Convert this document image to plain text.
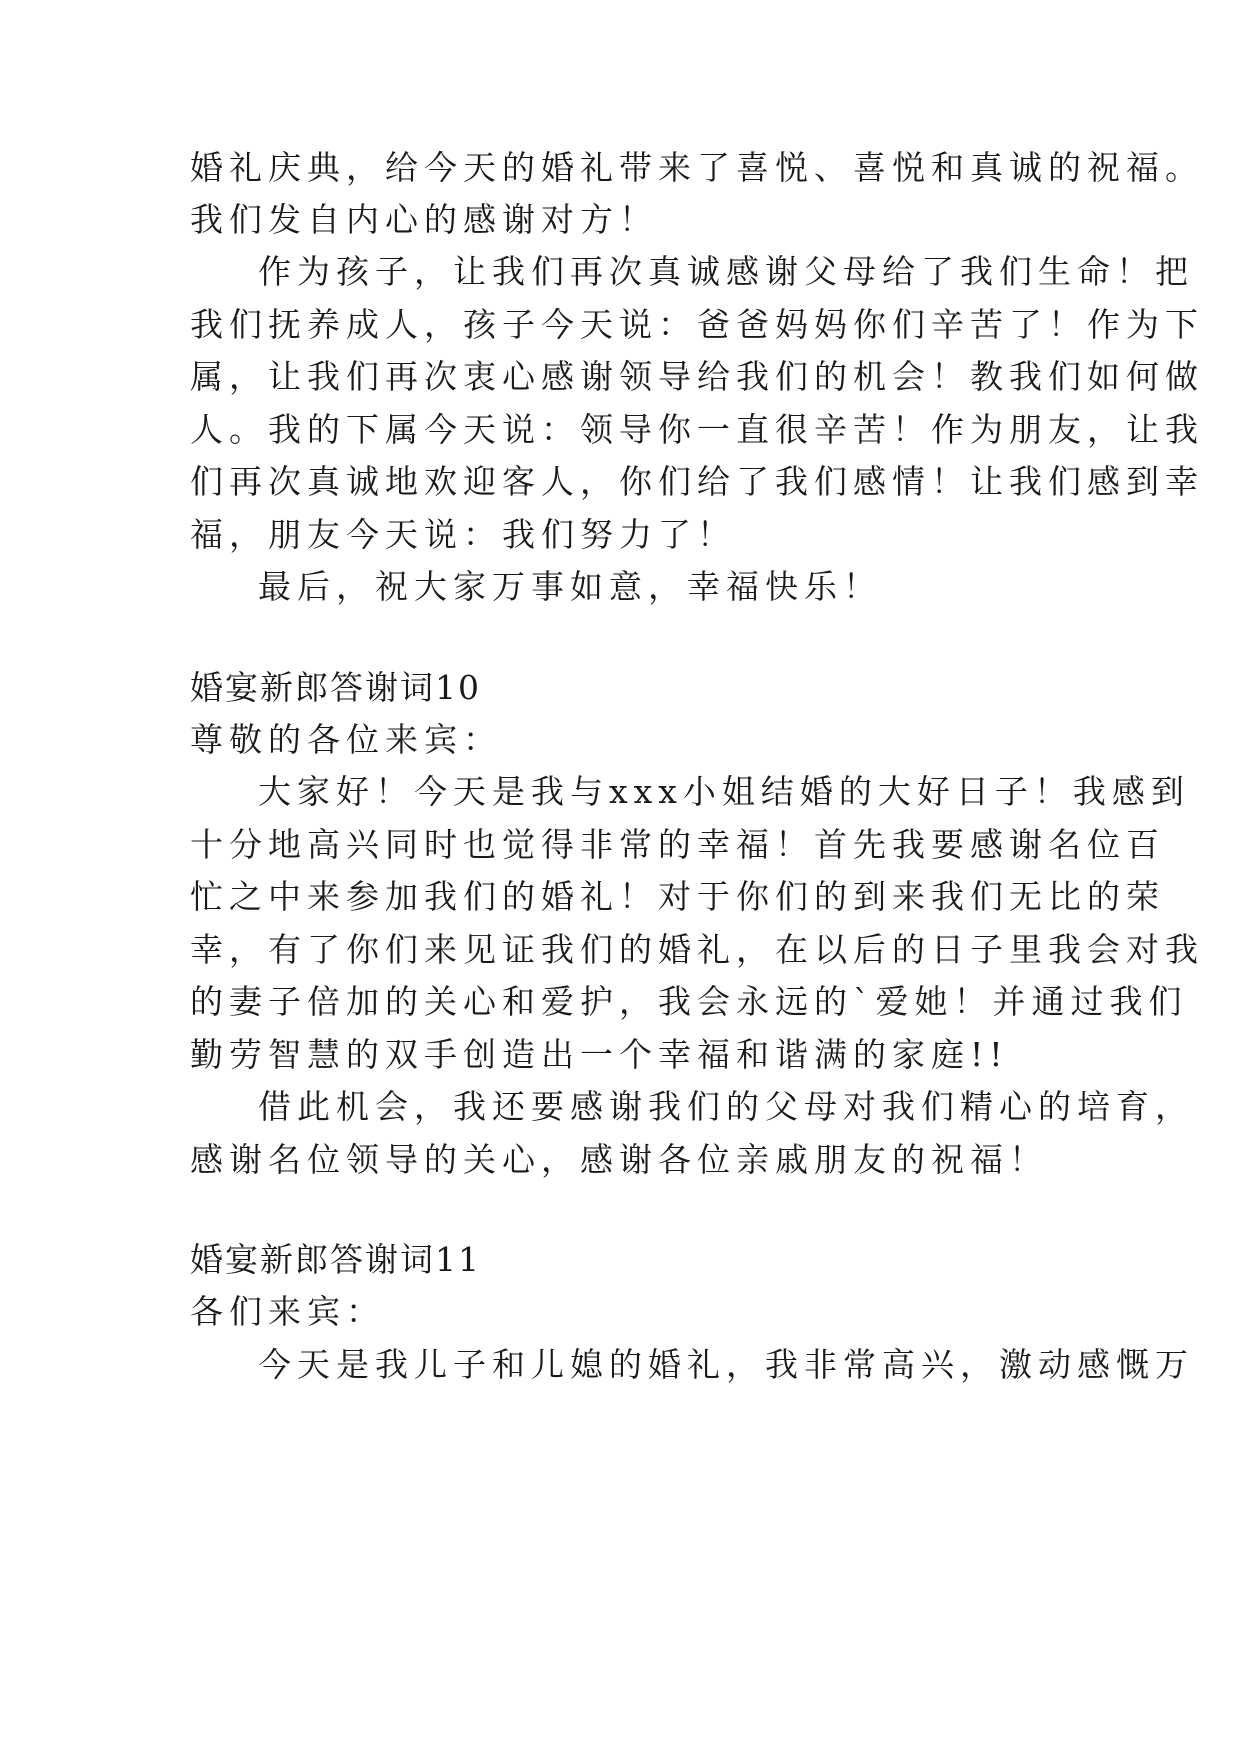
婚礼庆典，给今天的婚礼带来了喜悦、喜悦和真诚的祝福。
我们发自内心的感谢对方！
作为孩子，让我们再次真诚感谢父母给了我们生命！把
我们抚养成人，孩子今天说：爸爸妈妈你们辛苦了！作为下
属，让我们再次衷心感谢领导给我们的机会！教我们如何做
人。我的下属今天说：领导你一直很辛苦！作为朋友，让我
们再次真诚地欢迎客人，你们给了我们感情！让我们感到幸
福，朋友今天说：我们努力了！
最后，祝大家万事如意，幸福快乐！
婚宴新郎答谢词10
尊敬的各位来宾：
大家好！今天是我与xxx小姐结婚的大好日子！我感到
十分地高兴同时也觉得非常的幸福！首先我要感谢名位百
忙之中来参加我们的婚礼！对于你们的到来我们无比的荣
幸，有了你们来见证我们的婚礼，在以后的日子里我会对我
的妻子倍加的关心和爱护，我会永远的`爱她！并通过我们
勤劳智慧的双手创造出一个幸福和谐满的家庭!!
借此机会，我还要感谢我们的父母对我们精心的培育，
感谢名位领导的关心，感谢各位亲戚朋友的祝福！
婚宴新郎答谢词11
各们来宾：
今天是我儿子和儿媳的婚礼，我非常高兴，激动感慨万
